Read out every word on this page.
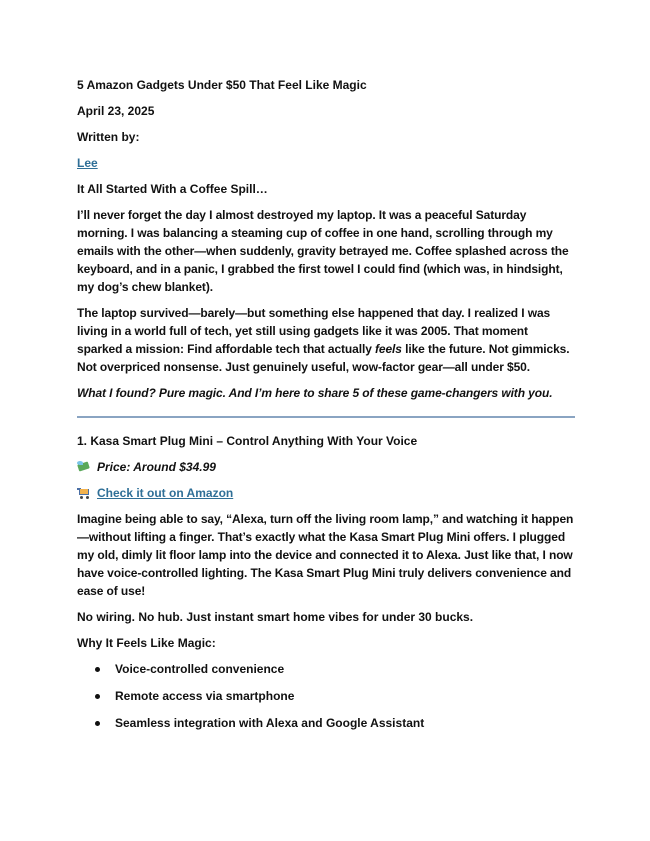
5 Amazon Gadgets Under $50 That Feel Like Magic

April 23, 2025

Written by:

Lee

It All Started With a Coffee Spill…

I’ll never forget the day I almost destroyed my laptop. It was a peaceful Saturday morning. I was balancing a steaming cup of coffee in one hand, scrolling through my emails with the other—when suddenly, gravity betrayed me. Coffee splashed across the keyboard, and in a panic, I grabbed the first towel I could find (which was, in hindsight, my dog’s chew blanket).

The laptop survived—barely—but something else happened that day. I realized I was living in a world full of tech, yet still using gadgets like it was 2005. That moment sparked a mission: Find affordable tech that actually feels like the future. Not gimmicks. Not overpriced nonsense. Just genuinely useful, wow-factor gear—all under $50.

What I found? Pure magic. And I’m here to share 5 of these game-changers with you.

1. Kasa Smart Plug Mini – Control Anything With Your Voice

Price: Around $34.99
Check it out on Amazon

Imagine being able to say, “Alexa, turn off the living room lamp,” and watching it happen—without lifting a finger. That’s exactly what the Kasa Smart Plug Mini offers. I plugged my old, dimly lit floor lamp into the device and connected it to Alexa. Just like that, I now have voice-controlled lighting. The Kasa Smart Plug Mini truly delivers convenience and ease of use!

No wiring. No hub. Just instant smart home vibes for under 30 bucks.

Why It Feels Like Magic:

Voice-controlled convenience
Remote access via smartphone
Seamless integration with Alexa and Google Assistant
